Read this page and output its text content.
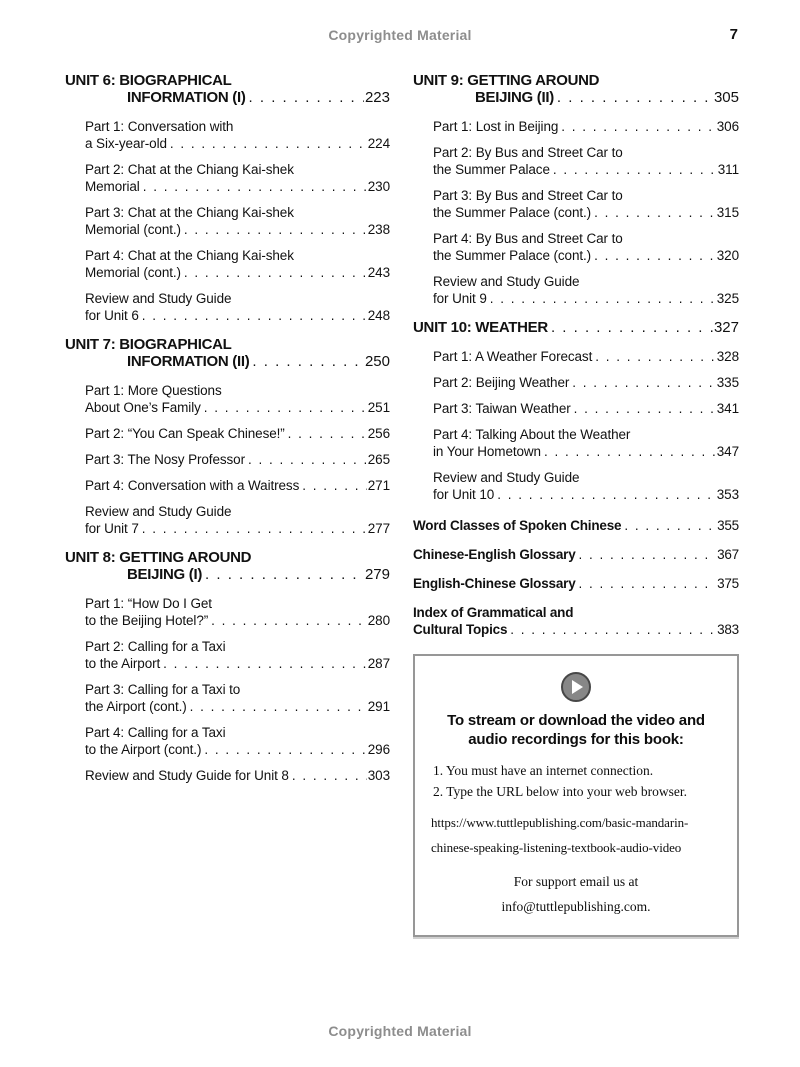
Copyrighted Material	7
UNIT 6: BIOGRAPHICAL
INFORMATION (I) . . .	223
Part 1: Conversation with
a Six-year-old . . .	224
Part 2: Chat at the Chiang Kai-shek
Memorial . . .	230
Part 3: Chat at the Chiang Kai-shek
Memorial (cont.) . . .	238
Part 4: Chat at the Chiang Kai-shek
Memorial (cont.) . . .	243
Review and Study Guide
for Unit 6 . . .	248
UNIT 7: BIOGRAPHICAL
INFORMATION (II) . . .	250
Part 1: More Questions
About One’s Family . . .	251
Part 2: “You Can Speak Chinese!” . . .	256
Part 3: The Nosy Professor . . .	265
Part 4: Conversation with a Waitress . . .	271
Review and Study Guide
for Unit 7 . . .	277
UNIT 8: GETTING AROUND
BEIJING (I) . . .	279
Part 1: “How Do I Get
to the Beijing Hotel?” . . .	280
Part 2: Calling for a Taxi
to the Airport . . .	287
Part 3: Calling for a Taxi to
the Airport (cont.) . . .	291
Part 4: Calling for a Taxi
to the Airport (cont.) . . .	296
Review and Study Guide for Unit 8 . . .	303
UNIT 9: GETTING AROUND
BEIJING (II) . . .	305
Part 1: Lost in Beijing . . .	306
Part 2: By Bus and Street Car to
the Summer Palace . . .	311
Part 3: By Bus and Street Car to
the Summer Palace (cont.) . . .	315
Part 4: By Bus and Street Car to
the Summer Palace (cont.) . . .	320
Review and Study Guide
for Unit 9 . . .	325
UNIT 10: WEATHER . . .	327
Part 1: A Weather Forecast . . .	328
Part 2: Beijing Weather . . .	335
Part 3: Taiwan Weather . . .	341
Part 4: Talking About the Weather
in Your Hometown . . .	347
Review and Study Guide
for Unit 10 . . .	353
Word Classes of Spoken Chinese . . .	355
Chinese-English Glossary . . .	367
English-Chinese Glossary . . .	375
Index of Grammatical and
Cultural Topics . . .	383
To stream or download the video and
audio recordings for this book:
1. You must have an internet connection.
2. Type the URL below into your web browser.
https://www.tuttlepublishing.com/basic-mandarin-
chinese-speaking-listening-textbook-audio-video
For support email us at
info@tuttlepublishing.com.
Copyrighted Material
